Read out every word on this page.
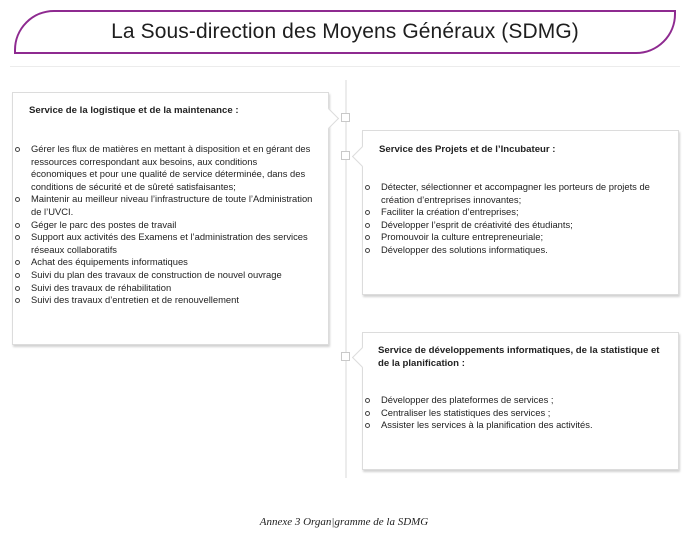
La Sous-direction des Moyens Généraux (SDMG)
Service de la logistique et de la maintenance :
Gérer les flux de matières en mettant à disposition et en gérant des ressources correspondant aux besoins, aux conditions économiques et pour une qualité de service déterminée, dans des conditions de sécurité et de sûreté satisfaisantes;
Maintenir au meilleur niveau l’infrastructure de toute l’Administration de l’UVCI.
Géger le parc des postes de travail
Support aux activités des Examens et l’administration des services réseaux collaboratifs
Achat des équipements informatiques
Suivi du plan des travaux de construction de nouvel ouvrage
Suivi des travaux de réhabilitation
Suivi des travaux d’entretien et de renouvellement
Service des Projets et de l’Incubateur :
Détecter, sélectionner et accompagner les porteurs de projets de création d’entreprises innovantes;
Faciliter la création d’entreprises;
Développer l’esprit de créativité des étudiants;
Promouvoir la culture entrepreneuriale;
Développer des solutions informatiques.
Service de développements informatiques, de la statistique et de la planification :
Développer des plateformes de services ;
Centraliser les statistiques des services ;
Assister les services à la planification des activités.
Annexe 3 Organ|gramme de la SDMG
